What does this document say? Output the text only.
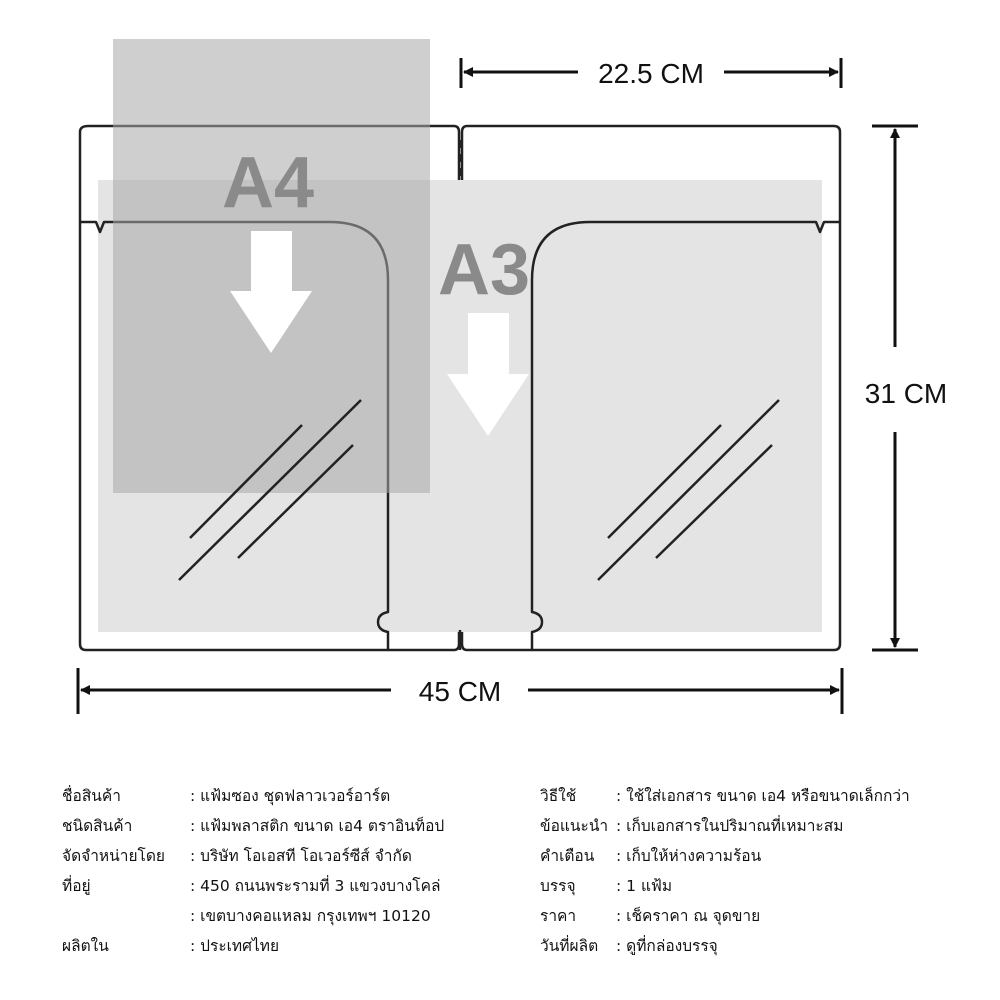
A4
A3
22.5 CM
45 CM
31 CM
ชื่อสินค้า	: แฟ้มซอง ชุดฟลาวเวอร์อาร์ต
ชนิดสินค้า	: แฟ้มพลาสติก ขนาด เอ4 ตราอินท็อป
จัดจำหน่ายโดย : บริษัท โอเอสที โอเวอร์ซีส์ จำกัด
ที่อยู่	: 450 ถนนพระรามที่ 3 แขวงบางโคล่
: เขตบางคอแหลม กรุงเทพฯ 10120
ผลิตใน	: ประเทศไทย
วิธีใช้	: ใช้ใส่เอกสาร ขนาด เอ4 หรือขนาดเล็กกว่า
ข้อแนะนำ : เก็บเอกสารในปริมาณที่เหมาะสม
คำเตือน : เก็บให้ห่างความร้อน
บรรจุ	: 1 แฟ้ม
ราคา	: เช็คราคา ณ จุดขาย
วันที่ผลิต : ดูที่กล่องบรรจุ
